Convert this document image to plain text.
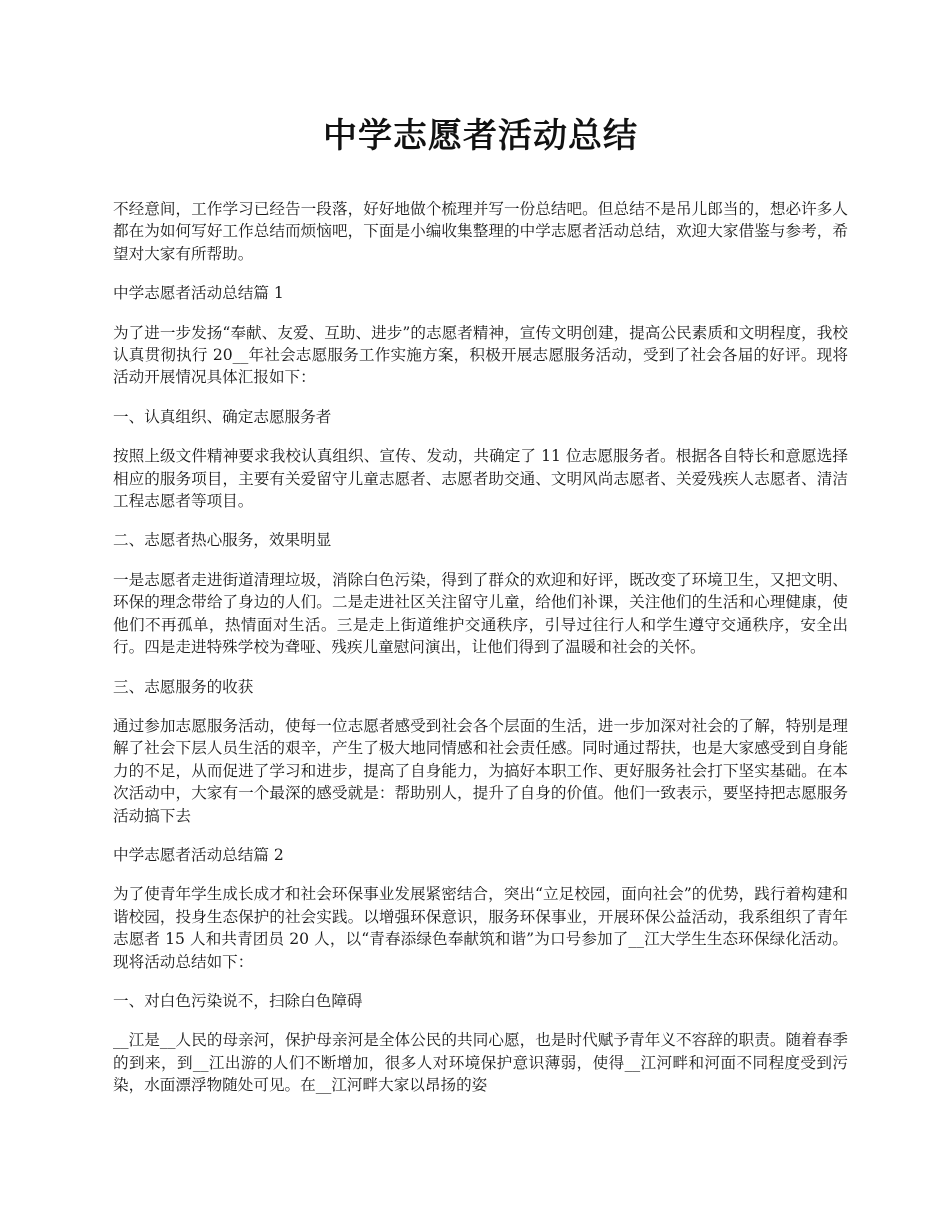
中学志愿者活动总结

不经意间，工作学习已经告一段落，好好地做个梳理并写一份总结吧。但总结不是吊儿郎当的，想必许多人都在为如何写好工作总结而烦恼吧，下面是小编收集整理的中学志愿者活动总结，欢迎大家借鉴与参考，希望对大家有所帮助。

中学志愿者活动总结篇 1

为了进一步发扬“奉献、友爱、互助、进步”的志愿者精神，宣传文明创建，提高公民素质和文明程度，我校认真贯彻执行 20__年社会志愿服务工作实施方案，积极开展志愿服务活动，受到了社会各届的好评。现将活动开展情况具体汇报如下：

一、认真组织、确定志愿服务者

按照上级文件精神要求我校认真组织、宣传、发动，共确定了 11 位志愿服务者。根据各自特长和意愿选择相应的服务项目，主要有关爱留守儿童志愿者、志愿者助交通、文明风尚志愿者、关爱残疾人志愿者、清洁工程志愿者等项目。

二、志愿者热心服务，效果明显

一是志愿者走进街道清理垃圾，消除白色污染，得到了群众的欢迎和好评，既改变了环境卫生，又把文明、环保的理念带给了身边的人们。二是走进社区关注留守儿童，给他们补课，关注他们的生活和心理健康，使他们不再孤单，热情面对生活。三是走上街道维护交通秩序，引导过往行人和学生遵守交通秩序，安全出行。四是走进特殊学校为聋哑、残疾儿童慰问演出，让他们得到了温暖和社会的关怀。

三、志愿服务的收获

通过参加志愿服务活动，使每一位志愿者感受到社会各个层面的生活，进一步加深对社会的了解，特别是理解了社会下层人员生活的艰辛，产生了极大地同情感和社会责任感。同时通过帮扶，也是大家感受到自身能力的不足，从而促进了学习和进步，提高了自身能力，为搞好本职工作、更好服务社会打下坚实基础。在本次活动中，大家有一个最深的感受就是：帮助别人，提升了自身的价值。他们一致表示，要坚持把志愿服务活动搞下去

中学志愿者活动总结篇 2

为了使青年学生成长成才和社会环保事业发展紧密结合，突出“立足校园，面向社会”的优势，践行着构建和谐校园，投身生态保护的社会实践。以增强环保意识，服务环保事业，开展环保公益活动，我系组织了青年志愿者 15 人和共青团员 20 人，以“青春添绿色奉献筑和谐”为口号参加了__江大学生生态环保绿化活动。现将活动总结如下：

一、对白色污染说不，扫除白色障碍

__江是__人民的母亲河，保护母亲河是全体公民的共同心愿，也是时代赋予青年义不容辞的职责。随着春季的到来，到__江出游的人们不断增加，很多人对环境保护意识薄弱，使得__江河畔和河面不同程度受到污染，水面漂浮物随处可见。在__江河畔大家以昂扬的姿
